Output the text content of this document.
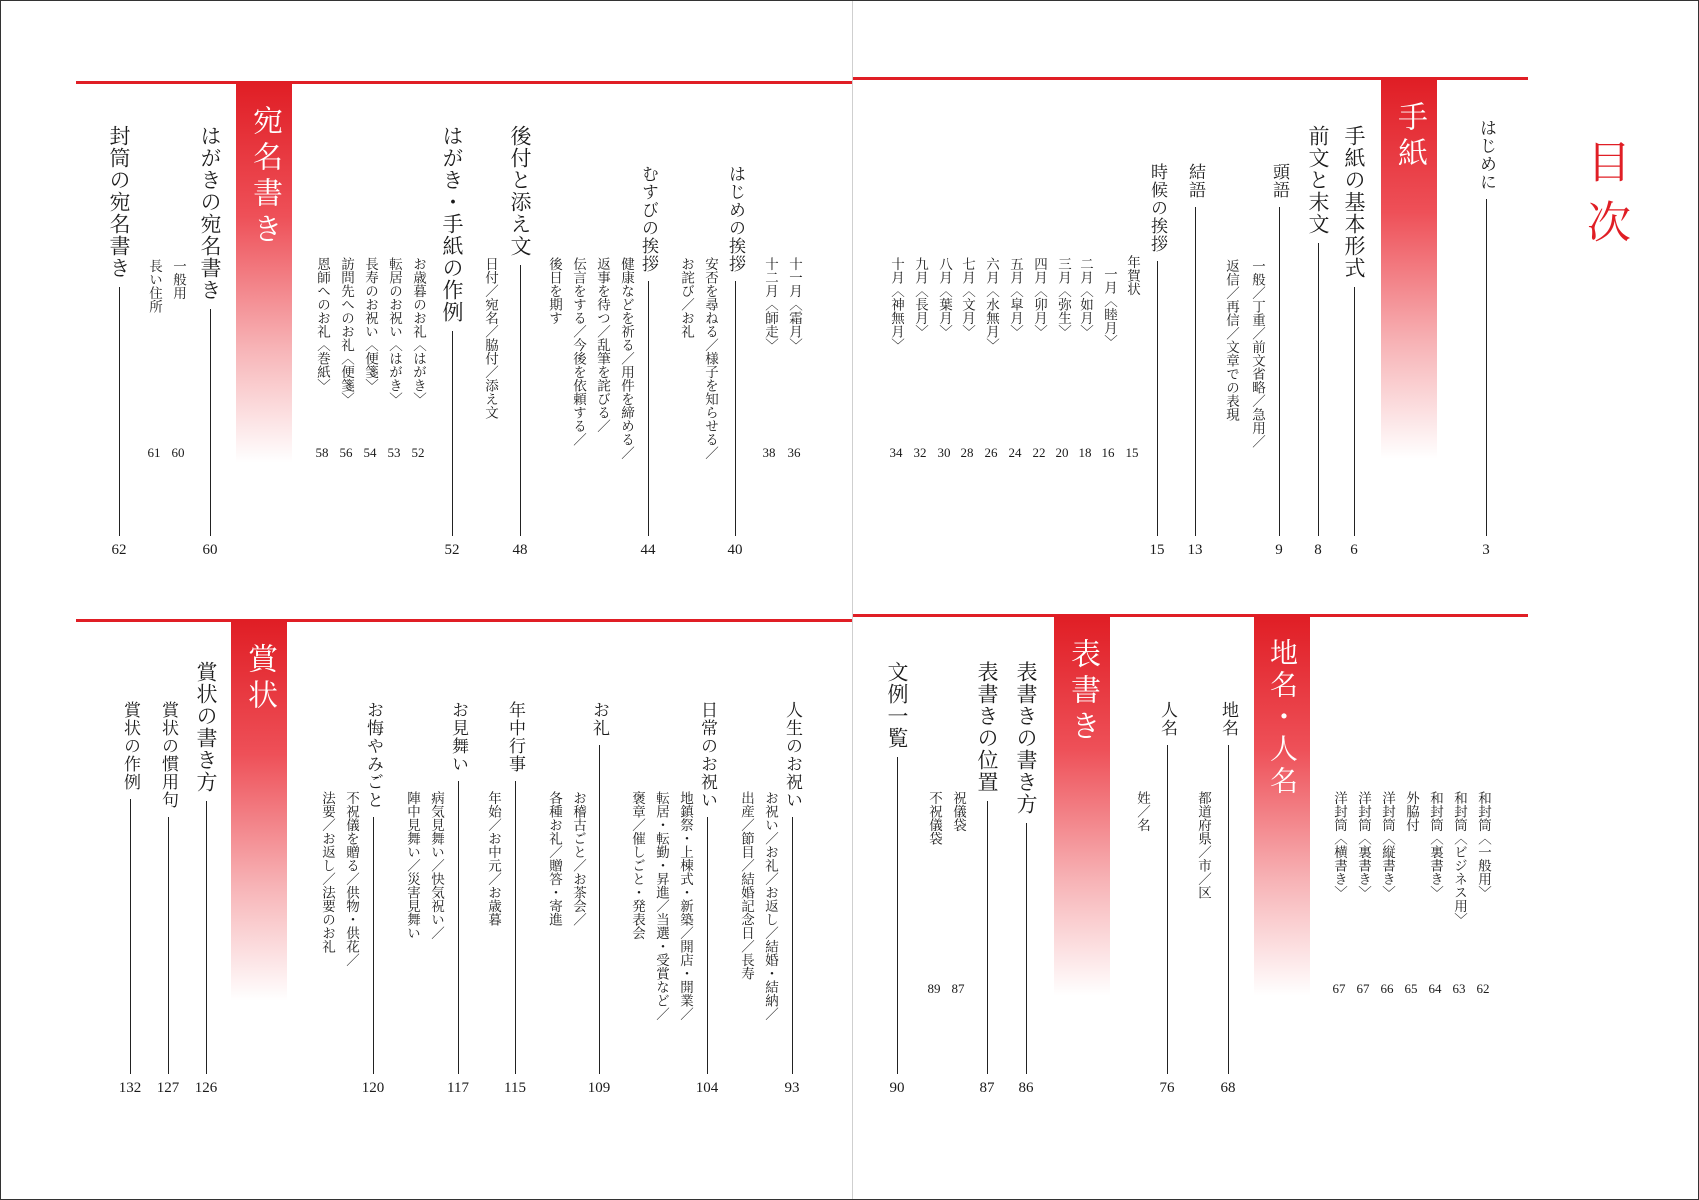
目次
手紙
宛名書き
地名・人名
表書き
賞状
はじめに
3
手紙の基本形式
6
前文と末文
8
頭語
9
一般／丁重／前文省略／急用／
返信／再信／文章での表現
結語
13
時候の挨拶
15
年賀状
一月〈睦月〉
二月〈如月〉
三月〈弥生〉
四月〈卯月〉
五月〈皐月〉
六月〈水無月〉
七月〈文月〉
八月〈葉月〉
九月〈長月〉
十月〈神無月〉
15
16
18
20
22
24
26
28
30
32
34
十一月〈霜月〉
十二月〈師走〉
36
38
はじめの挨拶
40
安否を尋ねる／様子を知らせる／
お詫び／お礼
むすびの挨拶
44
健康などを祈る／用件を締める／
返事を待つ／乱筆を詫びる／
伝言をする／今後を依頼する／
後日を期す
後付と添え文
48
日付／宛名／脇付／添え文
はがき・手紙の作例
52
お歳暮のお礼〈はがき〉
転居のお祝い〈はがき〉
長寿のお祝い〈便箋〉
訪問先へのお礼〈便箋〉
恩師へのお礼〈巻紙〉
52
53
54
56
58
はがきの宛名書き
60
一般用
長い住所
60
61
封筒の宛名書き
62
和封筒〈一般用〉
和封筒〈ビジネス用〉
和封筒〈裏書き〉
外脇付
洋封筒〈縦書き〉
洋封筒〈裏書き〉
洋封筒〈横書き〉
62
63
64
65
66
67
67
地名
68
都道府県／市／区
人名
76
姓／名
表書きの書き方
86
表書きの位置
87
祝儀袋
不祝儀袋
87
89
文例一覧
90
人生のお祝い
93
お祝い／お礼／お返し／結婚・結納／
出産／節目／結婚記念日／長寿
日常のお祝い
104
地鎮祭・上棟式・新築／開店・開業／
転居・転勤・昇進／当選・受賞など／
褒章／催しごと・発表会
お礼
109
お稽古ごと／お茶会／
各種お礼／贈答・寄進
年中行事
115
年始／お中元／お歳暮
お見舞い
117
病気見舞い／快気祝い／
陣中見舞い／災害見舞い
お悔やみごと
120
不祝儀を贈る／供物・供花／
法要／お返し／法要のお礼
賞状の書き方
126
賞状の慣用句
127
賞状の作例
132
